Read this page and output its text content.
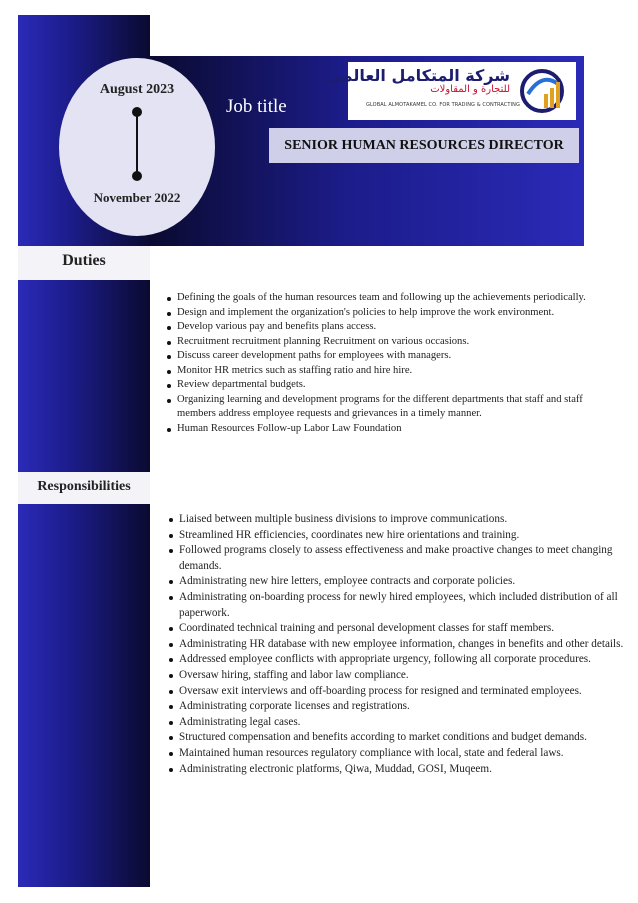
August 2023
November 2022
Job title
شركة المتكامل العالمي
للتجارة و المقاولات
GLOBAL ALMOTAKAMEL CO. FOR TRADING & CONTRACTING
SENIOR HUMAN RESOURCES DIRECTOR
Duties
Defining the goals of the human resources team and following up the achievements periodically.
Design and implement the organization's policies to help improve the work environment.
Develop various pay and benefits plans access.
Recruitment recruitment planning Recruitment on various occasions.
Discuss career development paths for employees with managers.
Monitor HR metrics such as staffing ratio and hire hire.
Review departmental budgets.
Organizing learning and development programs for the different departments that staff and staff members address employee requests and grievances in a timely manner.
Human Resources Follow-up Labor Law Foundation
Responsibilities
Liaised between multiple business divisions to improve communications.
Streamlined HR efficiencies, coordinates new hire orientations and training.
Followed programs closely to assess effectiveness and make proactive changes to meet changing demands.
Administrating new hire letters, employee contracts and corporate policies.
Administrating on-boarding process for newly hired employees, which included distribution of all paperwork.
Coordinated technical training and personal development classes for staff members.
Administrating HR database with new employee information, changes in benefits and other details.
Addressed employee conflicts with appropriate urgency, following all corporate procedures.
Oversaw hiring, staffing and labor law compliance.
Oversaw exit interviews and off-boarding process for resigned and terminated employees.
Administrating corporate licenses and registrations.
Administrating legal cases.
Structured compensation and benefits according to market conditions and budget demands.
Maintained human resources regulatory compliance with local, state and federal laws.
Administrating electronic platforms, Qiwa, Muddad, GOSI, Muqeem.
